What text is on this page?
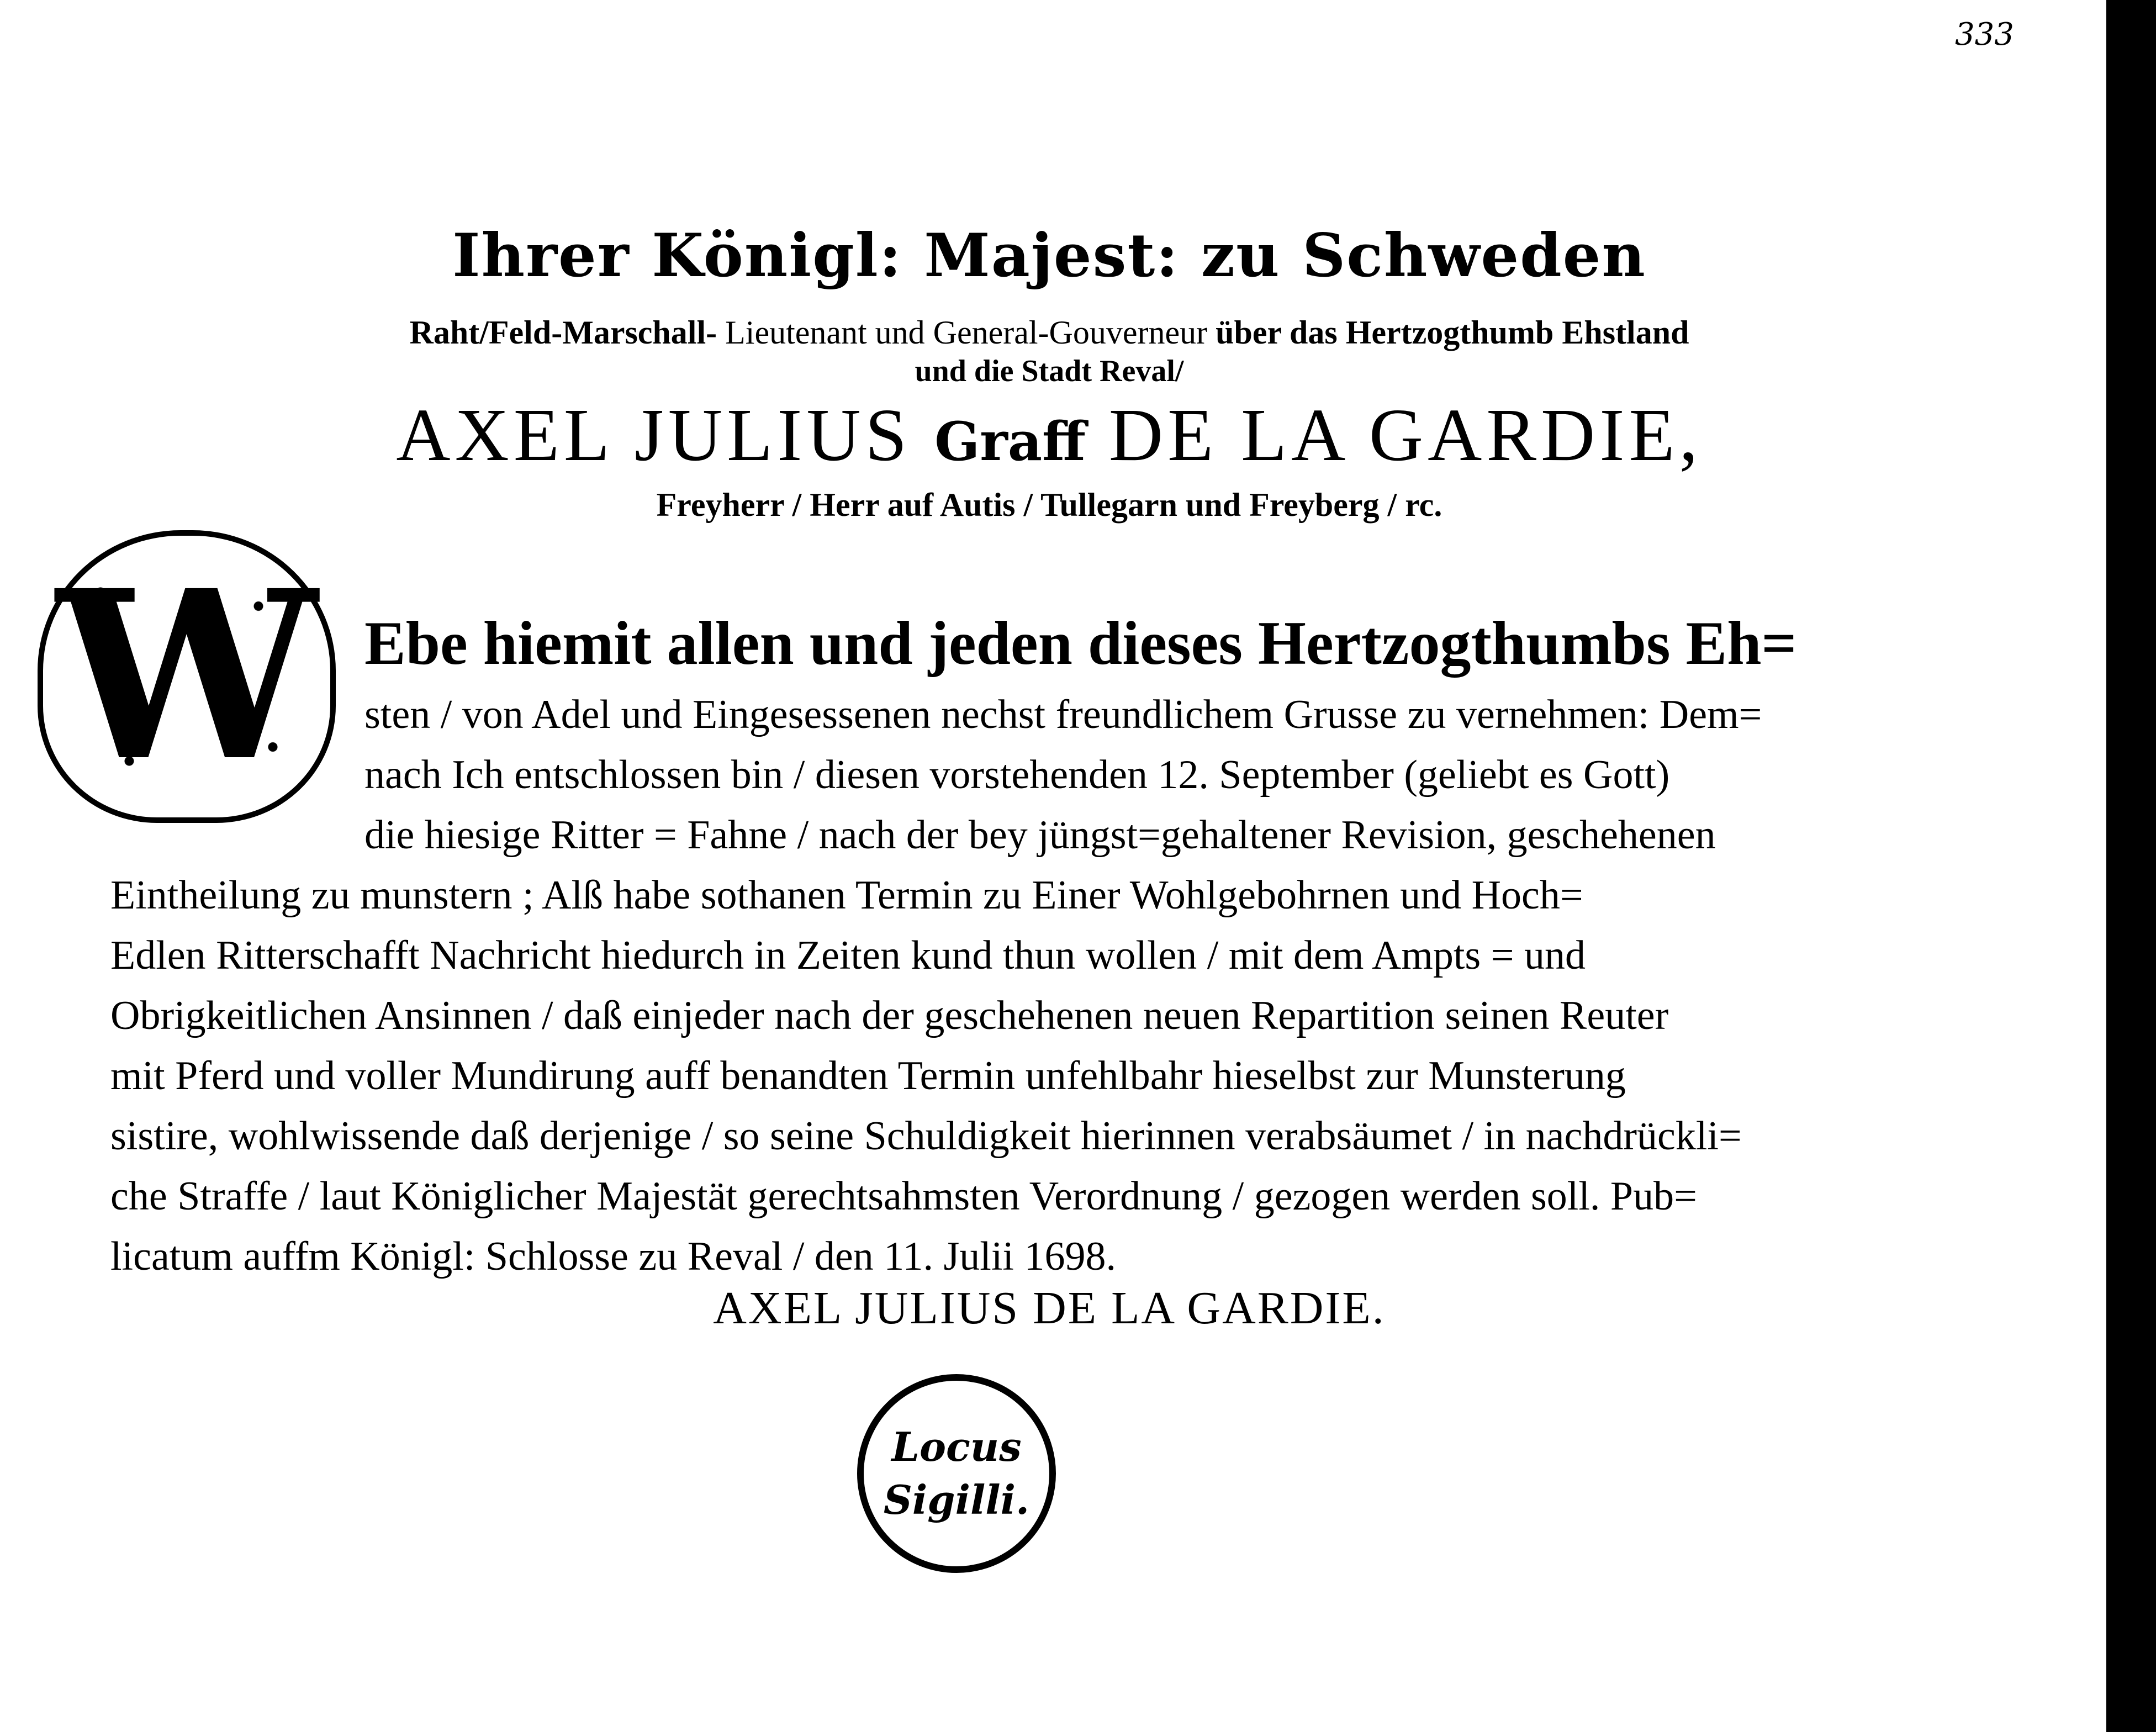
333
Ihrer Königl: Majest: zu Schweden
Raht/Feld-Marschall- Lieutenant und General-Gouverneur über das Hertzogthumb Ehstland
und die Stadt Reval/
AXEL JULIUS Graff DE LA GARDIE,
Freyherr / Herr auf Autis / Tullegarn und Freyberg / rc.
W Ebe hiemit allen und jeden dieses Hertzogthumbs Eh=
sten / von Adel und Eingesessenen nechst freundlichem Grusse zu vernehmen: Dem=
nach Ich entschlossen bin / diesen vorstehenden 12. September (geliebt es Gott)
die hiesige Ritter = Fahne / nach der bey jüngst=gehaltener Revision, geschehenen
Eintheilung zu munstern ; Alß habe sothanen Termin zu Einer Wohlgebohrnen und Hoch=
Edlen Ritterschafft Nachricht hiedurch in Zeiten kund thun wollen / mit dem Ampts = und
Obrigkeitlichen Ansinnen / daß einjeder nach der geschehenen neuen Repartition seinen Reuter
mit Pferd und voller Mundirung auff benandten Termin unfehlbahr hieselbst zur Munsterung
sistire, wohlwissende daß derjenige / so seine Schuldigkeit hierinnen verabsäumet / in nachdrückli=
che Straffe / laut Königlicher Majestät gerechtsahmsten Verordnung / gezogen werden soll. Pub=
licatum auffm Königl: Schlosse zu Reval / den 11. Julii 1698.
AXEL JULIUS DE LA GARDIE.
Locus
Sigilli.
